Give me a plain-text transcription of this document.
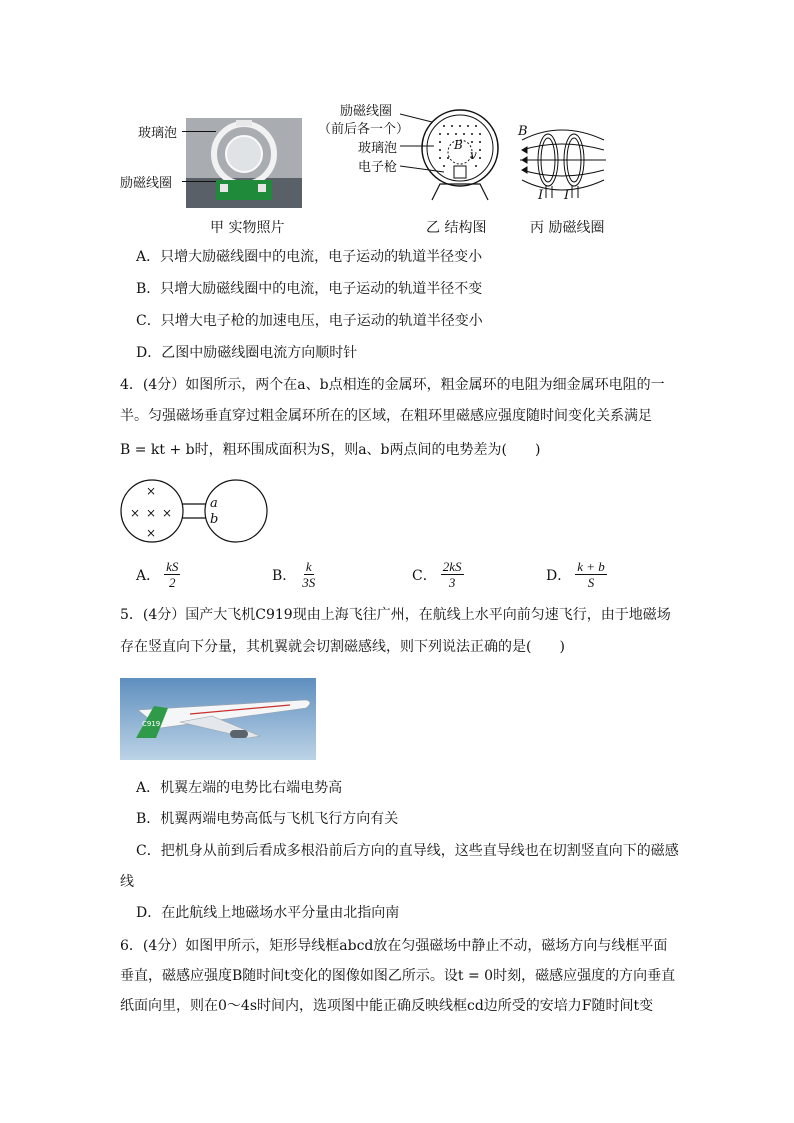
玻璃泡
励磁线圈
甲 实物照片
励磁线圈
（前后各一个）
玻璃泡
电子枪
B
v
乙 结构图
B
I I
丙 励磁线圈
A．只增大励磁线圈中的电流，电子运动的轨道半径变小
B．只增大励磁线圈中的电流，电子运动的轨道半径不变
C．只增大电子枪的加速电压，电子运动的轨道半径变小
D．乙图中励磁线圈电流方向顺时针
4．(4分）如图所示，两个在a、b点相连的金属环，粗金属环的电阻为细金属环电阻的一
半。匀强磁场垂直穿过粗金属环所在的区域，在粗环里磁感应强度随时间变化关系满足
B = kt + b时，粗环围成面积为S，则a、b两点间的电势差为(　　)
×
× × ×
×
a
b
A． $\frac{kS}{2}$	B． $\frac{k}{3S}$	C． $\frac{2kS}{3}$	D． $\frac{k + b}{S}$
5．(4分）国产大飞机C919现由上海飞往广州，在航线上水平向前匀速飞行，由于地磁场
存在竖直向下分量，其机翼就会切割磁感线，则下列说法正确的是(　　)
C919
A．机翼左端的电势比右端电势高
B．机翼两端电势高低与飞机飞行方向有关
C．把机身从前到后看成多根沿前后方向的直导线，这些直导线也在切割竖直向下的磁感
线
D．在此航线上地磁场水平分量由北指向南
6．(4分）如图甲所示，矩形导线框abcd放在匀强磁场中静止不动，磁场方向与线框平面
垂直，磁感应强度B随时间t变化的图像如图乙所示。设t = 0时刻，磁感应强度的方向垂直
纸面向里，则在0～4s时间内，选项图中能正确反映线框cd边所受的安培力F随时间t变
